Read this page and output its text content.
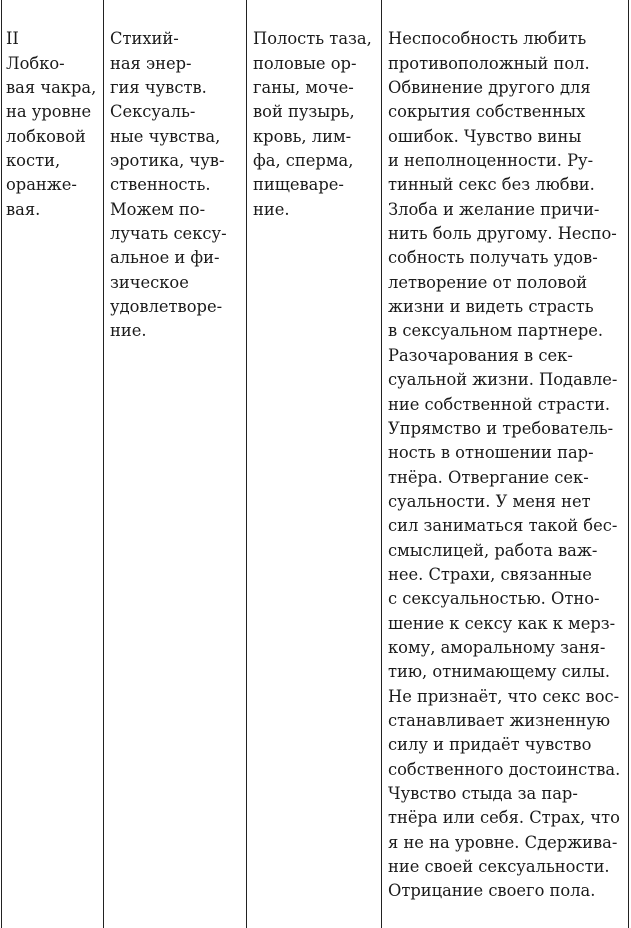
II
Лобко-
вая чакра,
на уровне
лобковой
кости,
оранже-
вая.

Стихий-
ная энер-
гия чувств.
Сексуаль-
ные чувства,
эротика, чув-
ственность.
Можем по-
лучать сексу-
альное и фи-
зическое
удовлетворе-
ние.

Полость таза,
половые ор-
ганы, моче-
вой пузырь,
кровь, лим-
фа, сперма,
пищеваре-
ние.

Неспособность любить
противоположный пол.
Обвинение другого для
сокрытия собственных
ошибок. Чувство вины
и неполноценности. Ру-
тинный секс без любви.
Злоба и желание причи-
нить боль другому. Неспо-
собность получать удов-
летворение от половой
жизни и видеть страсть
в сексуальном партнере.
Разочарования в сек-
суальной жизни. Подавле-
ние собственной страсти.
Упрямство и требователь-
ность в отношении пар-
тнёра. Отвергание сек-
суальности. У меня нет
сил заниматься такой бес-
смыслицей, работа важ-
нее. Страхи, связанные
с сексуальностью. Отно-
шение к сексу как к мерз-
кому, аморальному заня-
тию, отнимающему силы.
Не признаёт, что секс вос-
станавливает жизненную
силу и придаёт чувство
собственного достоинства.
Чувство стыда за пар-
тнёра или себя. Страх, что
я не на уровне. Сдержива-
ние своей сексуальности.
Отрицание своего пола.
